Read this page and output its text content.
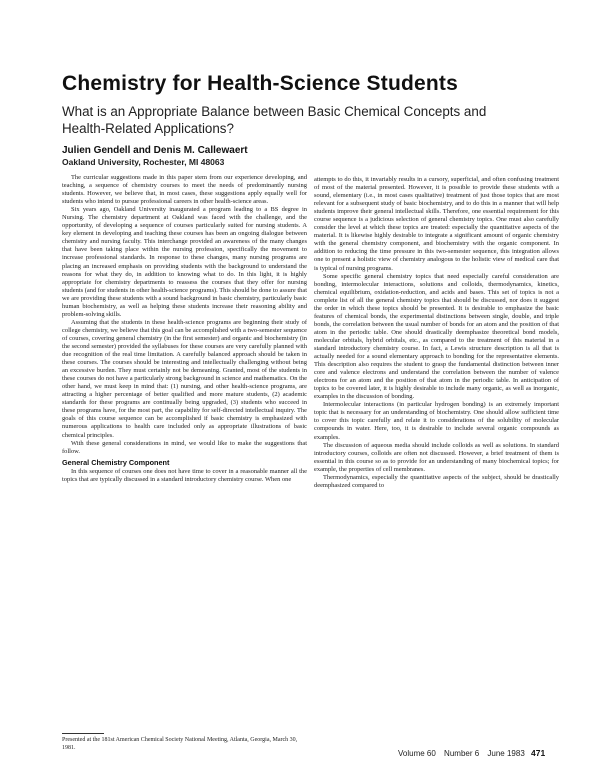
Chemistry for Health-Science Students
What is an Appropriate Balance between Basic Chemical Concepts and Health-Related Applications?
Julien Gendell and Denis M. Callewaert
Oakland University, Rochester, MI 48063

The curricular suggestions made in this paper stem from our experience developing, and teaching, a sequence of chemistry courses to meet the needs of predominantly nursing students. However, we believe that, in most cases, these suggestions apply equally well for students who intend to pursue professional careers in other health-science areas.

Six years ago, Oakland University inaugurated a program leading to a BS degree in Nursing. The chemistry department at Oakland was faced with the challenge, and the opportunity, of developing a sequence of courses particularly suited for nursing students. A key element in developing and teaching these courses has been an ongoing dialogue between chemistry and nursing faculty. This interchange provided an awareness of the many changes that have been taking place within the nursing profession, specifically the movement to increase professional standards. In response to these changes, many nursing programs are placing an increased emphasis on providing students with the background to understand the reasons for what they do, in addition to knowing what to do. In this light, it is highly appropriate for chemistry departments to reassess the courses that they offer for nursing students (and for students in other health-science programs). This should be done to assure that we are providing these students with a sound background in basic chemistry, particularly basic human biochemistry, as well as helping these students increase their reasoning ability and problem-solving skills.

Assuming that the students in these health-science programs are beginning their study of college chemistry, we believe that this goal can be accomplished with a two-semester sequence of courses, covering general chemistry (in the first semester) and organic and biochemistry (in the second semester) provided the syllabuses for these courses are very carefully planned with due recognition of the real time limitation. A carefully balanced approach should be taken in these courses. The courses should be interesting and intellectually challenging without being an excessive burden. They must certainly not be demeaning. Granted, most of the students in these courses do not have a particularly strong background in science and mathematics. On the other hand, we must keep in mind that: (1) nursing, and other health-science programs, are attracting a higher percentage of better qualified and more mature students, (2) academic standards for these programs are continually being upgraded, (3) students who succeed in these programs have, for the most part, the capability for self-directed intellectual inquiry. The goals of this course sequence can be accomplished if basic chemistry is emphasized with numerous applications to health care included only as appropriate illustrations of basic chemical principles.

With these general considerations in mind, we would like to make the suggestions that follow.

General Chemistry Component

In this sequence of courses one does not have time to cover in a reasonable manner all the topics that are typically discussed in a standard introductory chemistry course. When one

attempts to do this, it invariably results in a cursory, superficial, and often confusing treatment of most of the material presented. However, it is possible to provide these students with a sound, elementary (i.e., in most cases qualitative) treatment of just those topics that are most relevant for a subsequent study of basic biochemistry, and to do this in a manner that will help students improve their general intellectual skills. Therefore, one essential requirement for this course sequence is a judicious selection of general chemistry topics. One must also carefully consider the level at which these topics are treated: especially the quantitative aspects of the material. It is likewise highly desirable to integrate a significant amount of organic chemistry with the general chemistry component, and biochemistry with the organic component. In addition to reducing the time pressure in this two-semester sequence, this integration allows one to present a holistic view of chemistry analogous to the holistic view of medical care that is typical of nursing programs.

Some specific general chemistry topics that need especially careful consideration are bonding, intermolecular interactions, solutions and colloids, thermodynamics, kinetics, chemical equilibrium, oxidation-reduction, and acids and bases. This set of topics is not a complete list of all the general chemistry topics that should be discussed, nor does it suggest the order in which these topics should be presented. It is desirable to emphasize the basic features of chemical bonds, the experimental distinctions between single, double, and triple bonds, the correlation between the usual number of bonds for an atom and the position of that atom in the periodic table. One should drastically deemphasize theoretical bond models, molecular orbitals, hybrid orbitals, etc., as compared to the treatment of this material in a standard introductory chemistry course. In fact, a Lewis structure description is all that is actually needed for a sound elementary approach to bonding for the representative elements. This description also requires the student to grasp the fundamental distinction between inner core and valence electrons and understand the correlation between the number of valence electrons for an atom and the position of that atom in the periodic table. In anticipation of topics to be covered later, it is highly desirable to include many organic, as well as inorganic, examples in the discussion of bonding.

Intermolecular interactions (in particular hydrogen bonding) is an extremely important topic that is necessary for an understanding of biochemistry. One should allow sufficient time to cover this topic carefully and relate it to considerations of the solubility of molecular compounds in water. Here, too, it is desirable to include several organic compounds as examples.

The discussion of aqueous media should include colloids as well as solutions. In standard introductory courses, colloids are often not discussed. However, a brief treatment of them is essential in this course so as to provide for an understanding of many biochemical topics; for example, the properties of cell membranes.

Thermodynamics, especially the quantitative aspects of the subject, should be drastically deemphasized compared to

Presented at the 181st American Chemical Society National Meeting, Atlanta, Georgia, March 30, 1981.
Volume 60 Number 6 June 1983 471
